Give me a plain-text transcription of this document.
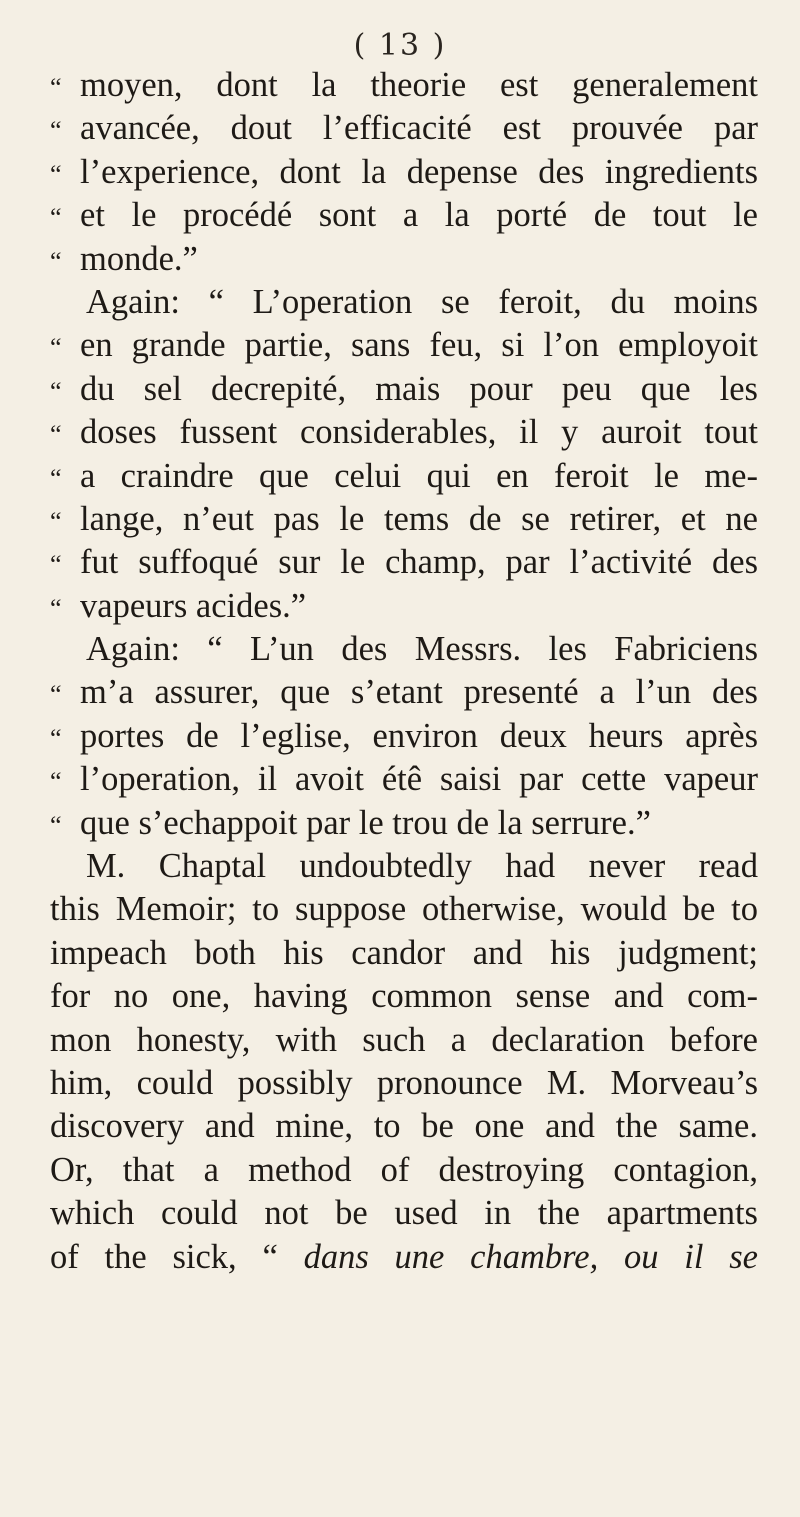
( 13 )
“ moyen, dont la theorie est generalement
“ avancée, dout l’efficacité est prouvée par
“ l’experience, dont la depense des ingredients
“ et le procédé sont a la porté de tout le
“ monde.”
Again: “ L’operation se feroit, du moins
“ en grande partie, sans feu, si l’on employoit
“ du sel decrepité, mais pour peu que les
“ doses fussent considerables, il y auroit tout
“ a craindre que celui qui en feroit le me-
“ lange, n’eut pas le tems de se retirer, et ne
“ fut suffoqué sur le champ, par l’activité des
“ vapeurs acides.”
Again: “ L’un des Messrs. les Fabriciens
“ m’a assurer, que s’etant presenté a l’un des
“ portes de l’eglise, environ deux heurs après
“ l’operation, il avoit étê saisi par cette vapeur
“ que s’echappoit par le trou de la serrure.”
M. Chaptal undoubtedly had never read
this Memoir; to suppose otherwise, would be to
impeach both his candor and his judgment;
for no one, having common sense and com-
mon honesty, with such a declaration before
him, could possibly pronounce M. Morveau’s
discovery and mine, to be one and the same.
Or, that a method of destroying contagion,
which could not be used in the apartments
of the sick, “ dans une chambre, ou il se
